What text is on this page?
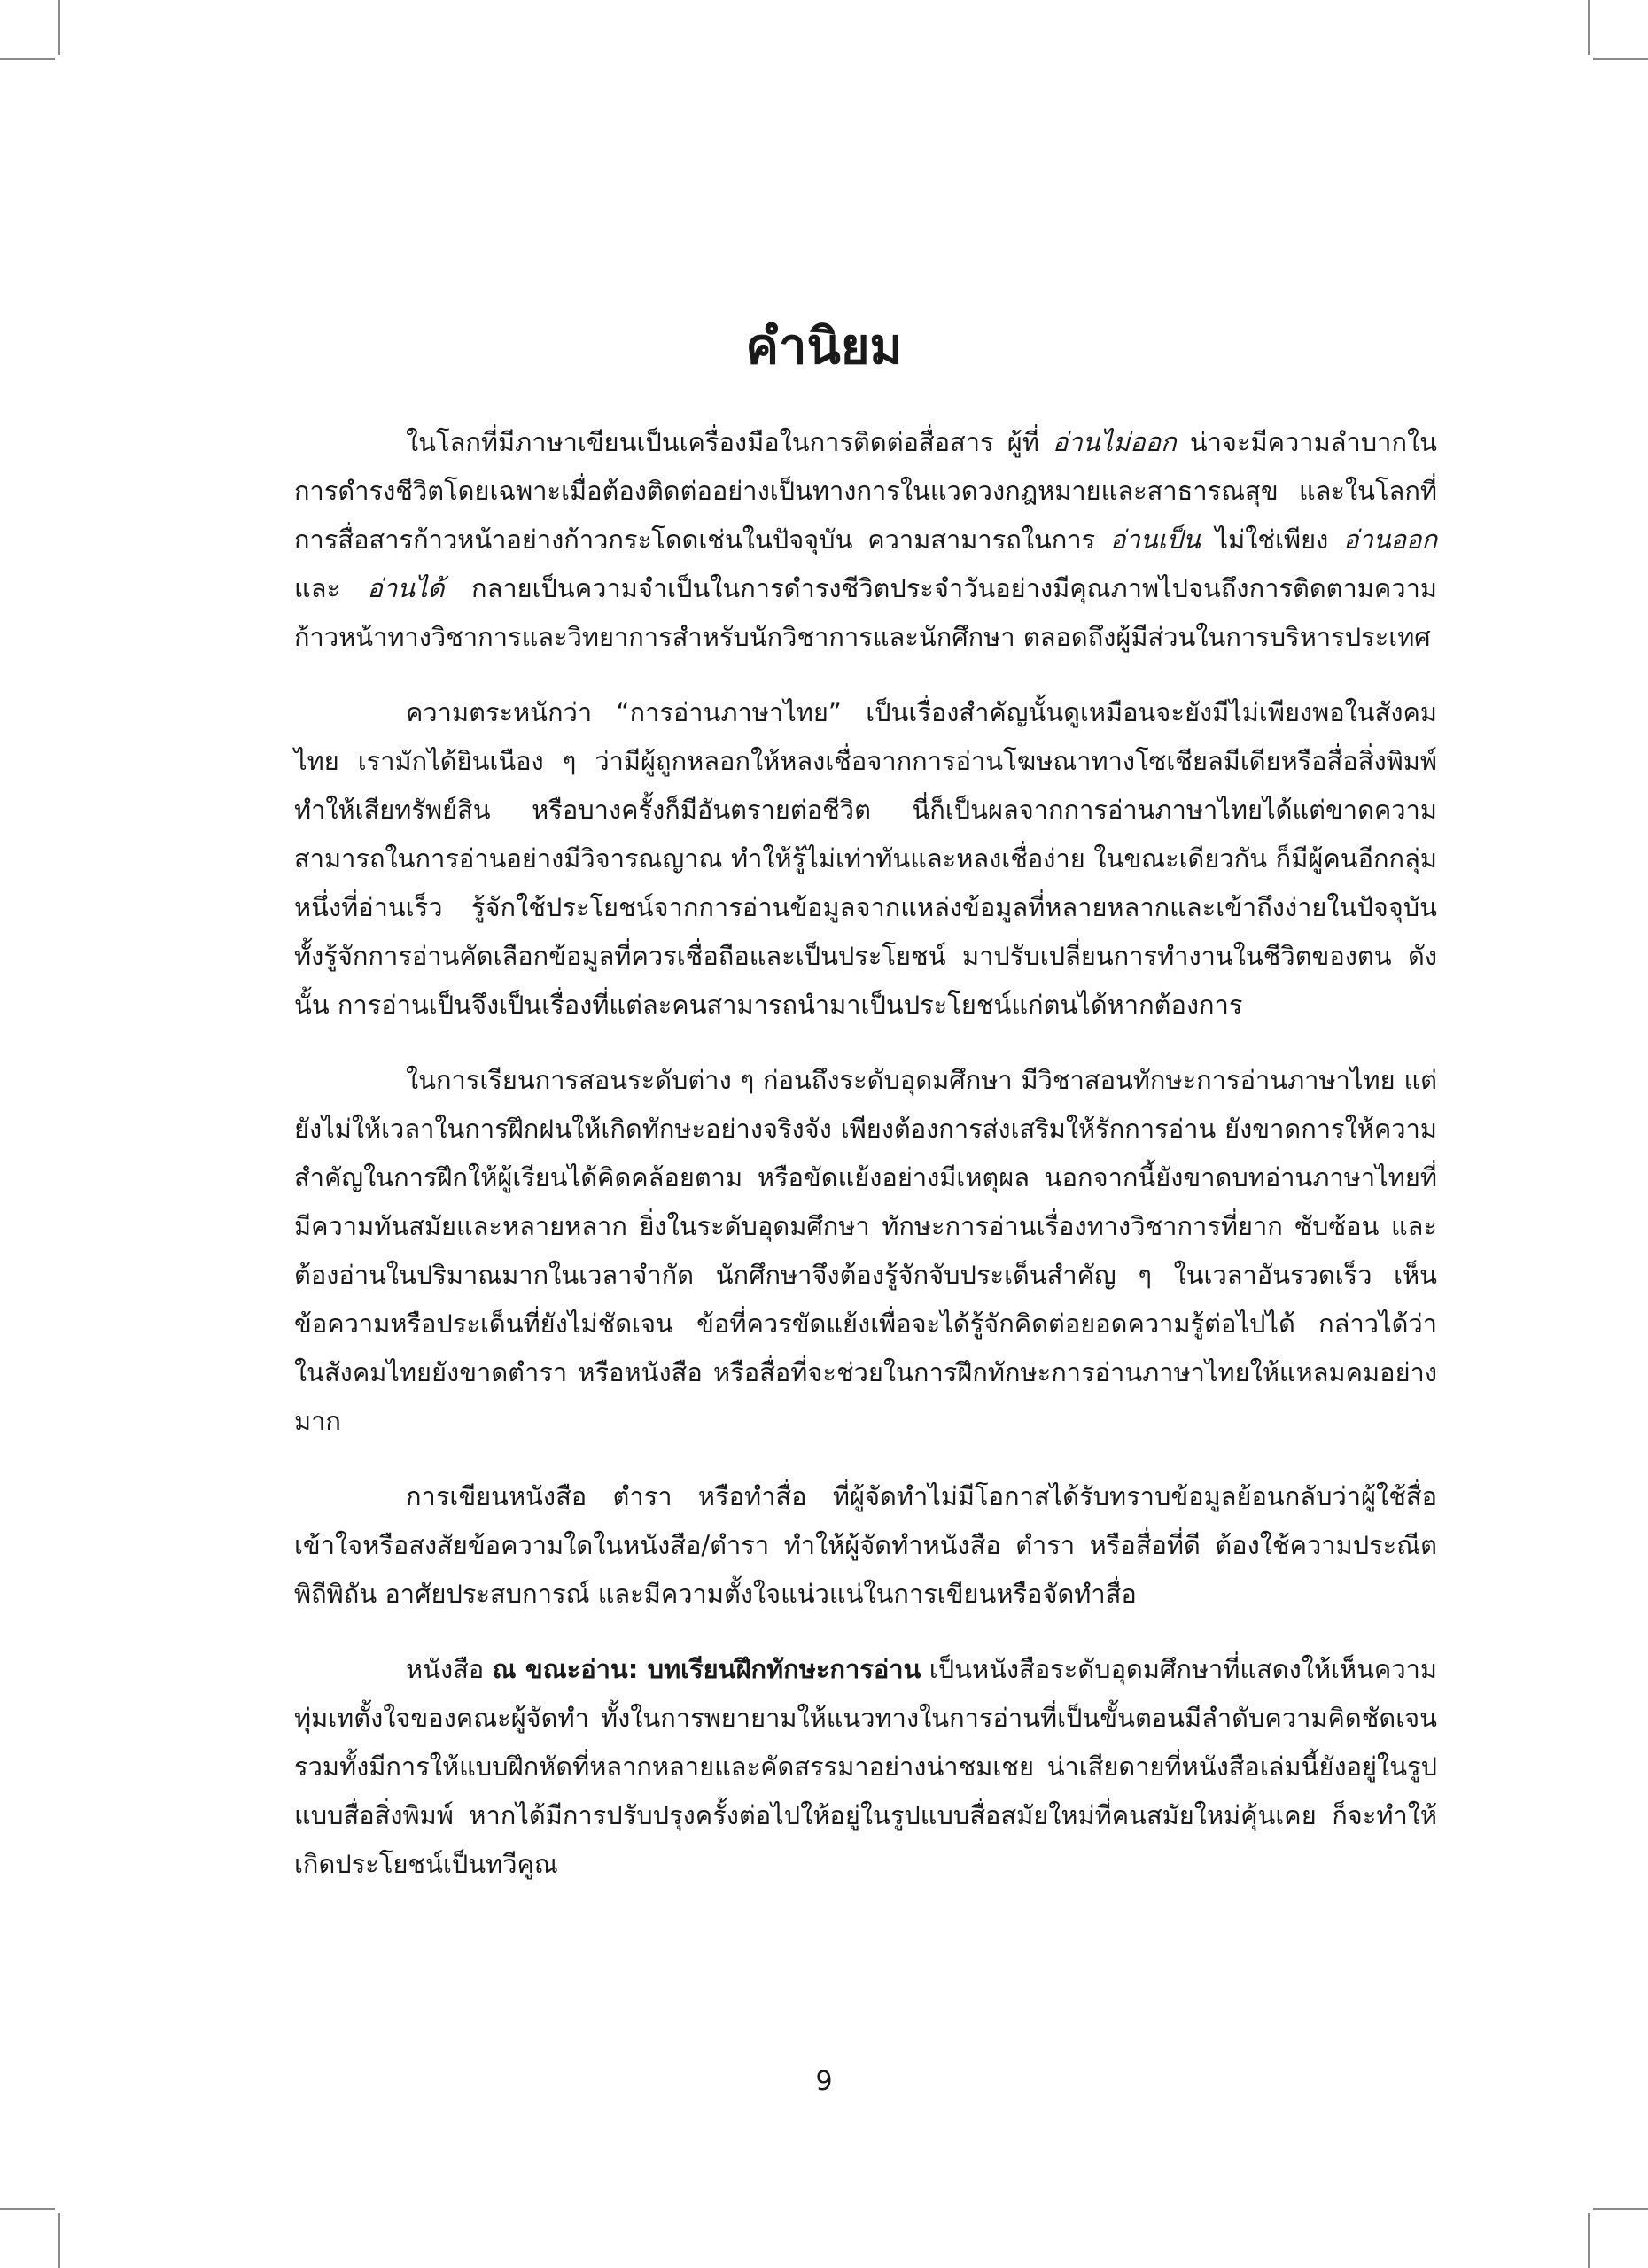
คำนิยม

ในโลกที่มีภาษาเขียนเป็นเครื่องมือในการติดต่อสื่อสาร ผู้ที่ อ่านไม่ออก น่าจะมีความลำบากในการดำรงชีวิตโดยเฉพาะเมื่อต้องติดต่ออย่างเป็นทางการในแวดวงกฎหมายและสาธารณสุข และในโลกที่การสื่อสารก้าวหน้าอย่างก้าวกระโดดเช่นในปัจจุบัน ความสามารถในการ อ่านเป็น ไม่ใช่เพียง อ่านออก และ อ่านได้ กลายเป็นความจำเป็นในการดำรงชีวิตประจำวันอย่างมีคุณภาพไปจนถึงการติดตามความก้าวหน้าทางวิชาการและวิทยาการสำหรับนักวิชาการและนักศึกษา ตลอดถึงผู้มีส่วนในการบริหารประเทศ

ความตระหนักว่า “การอ่านภาษาไทย” เป็นเรื่องสำคัญนั้นดูเหมือนจะยังมีไม่เพียงพอในสังคมไทย เรามักได้ยินเนือง ๆ ว่ามีผู้ถูกหลอกให้หลงเชื่อจากการอ่านโฆษณาทางโซเชียลมีเดียหรือสื่อสิ่งพิมพ์ ทำให้เสียทรัพย์สิน หรือบางครั้งก็มีอันตรายต่อชีวิต นี่ก็เป็นผลจากการอ่านภาษาไทยได้แต่ขาดความสามารถในการอ่านอย่างมีวิจารณญาณ ทำให้รู้ไม่เท่าทันและหลงเชื่อง่าย ในขณะเดียวกัน ก็มีผู้คนอีกกลุ่มหนึ่งที่อ่านเร็ว รู้จักใช้ประโยชน์จากการอ่านข้อมูลจากแหล่งข้อมูลที่หลายหลากและเข้าถึงง่ายในปัจจุบัน ทั้งรู้จักการอ่านคัดเลือกข้อมูลที่ควรเชื่อถือและเป็นประโยชน์ มาปรับเปลี่ยนการทำงานในชีวิตของตน ดังนั้น การอ่านเป็นจึงเป็นเรื่องที่แต่ละคนสามารถนำมาเป็นประโยชน์แก่ตนได้หากต้องการ

ในการเรียนการสอนระดับต่าง ๆ ก่อนถึงระดับอุดมศึกษา มีวิชาสอนทักษะการอ่านภาษาไทย แต่ยังไม่ให้เวลาในการฝึกฝนให้เกิดทักษะอย่างจริงจัง เพียงต้องการส่งเสริมให้รักการอ่าน ยังขาดการให้ความสำคัญในการฝึกให้ผู้เรียนได้คิดคล้อยตาม หรือขัดแย้งอย่างมีเหตุผล นอกจากนี้ยังขาดบทอ่านภาษาไทยที่มีความทันสมัยและหลายหลาก ยิ่งในระดับอุดมศึกษา ทักษะการอ่านเรื่องทางวิชาการที่ยาก ซับซ้อน และต้องอ่านในปริมาณมากในเวลาจำกัด นักศึกษาจึงต้องรู้จักจับประเด็นสำคัญ ๆ ในเวลาอันรวดเร็ว เห็นข้อความหรือประเด็นที่ยังไม่ชัดเจน ข้อที่ควรขัดแย้งเพื่อจะได้รู้จักคิดต่อยอดความรู้ต่อไปได้ กล่าวได้ว่า ในสังคมไทยยังขาดตำรา หรือหนังสือ หรือสื่อที่จะช่วยในการฝึกทักษะการอ่านภาษาไทยให้แหลมคมอย่างมาก

การเขียนหนังสือ ตำรา หรือทำสื่อ ที่ผู้จัดทำไม่มีโอกาสได้รับทราบข้อมูลย้อนกลับว่าผู้ใช้สื่อเข้าใจหรือสงสัยข้อความใดในหนังสือ/ตำรา ทำให้ผู้จัดทำหนังสือ ตำรา หรือสื่อที่ดี ต้องใช้ความประณีต พิถีพิถัน อาศัยประสบการณ์ และมีความตั้งใจแน่วแน่ในการเขียนหรือจัดทำสื่อ

หนังสือ ณ ขณะอ่าน: บทเรียนฝึกทักษะการอ่าน เป็นหนังสือระดับอุดมศึกษาที่แสดงให้เห็นความทุ่มเทตั้งใจของคณะผู้จัดทำ ทั้งในการพยายามให้แนวทางในการอ่านที่เป็นขั้นตอนมีลำดับความคิดชัดเจน รวมทั้งมีการให้แบบฝึกหัดที่หลากหลายและคัดสรรมาอย่างน่าชมเชย น่าเสียดายที่หนังสือเล่มนี้ยังอยู่ในรูปแบบสื่อสิ่งพิมพ์ หากได้มีการปรับปรุงครั้งต่อไปให้อยู่ในรูปแบบสื่อสมัยใหม่ที่คนสมัยใหม่คุ้นเคย ก็จะทำให้เกิดประโยชน์เป็นทวีคูณ

9
